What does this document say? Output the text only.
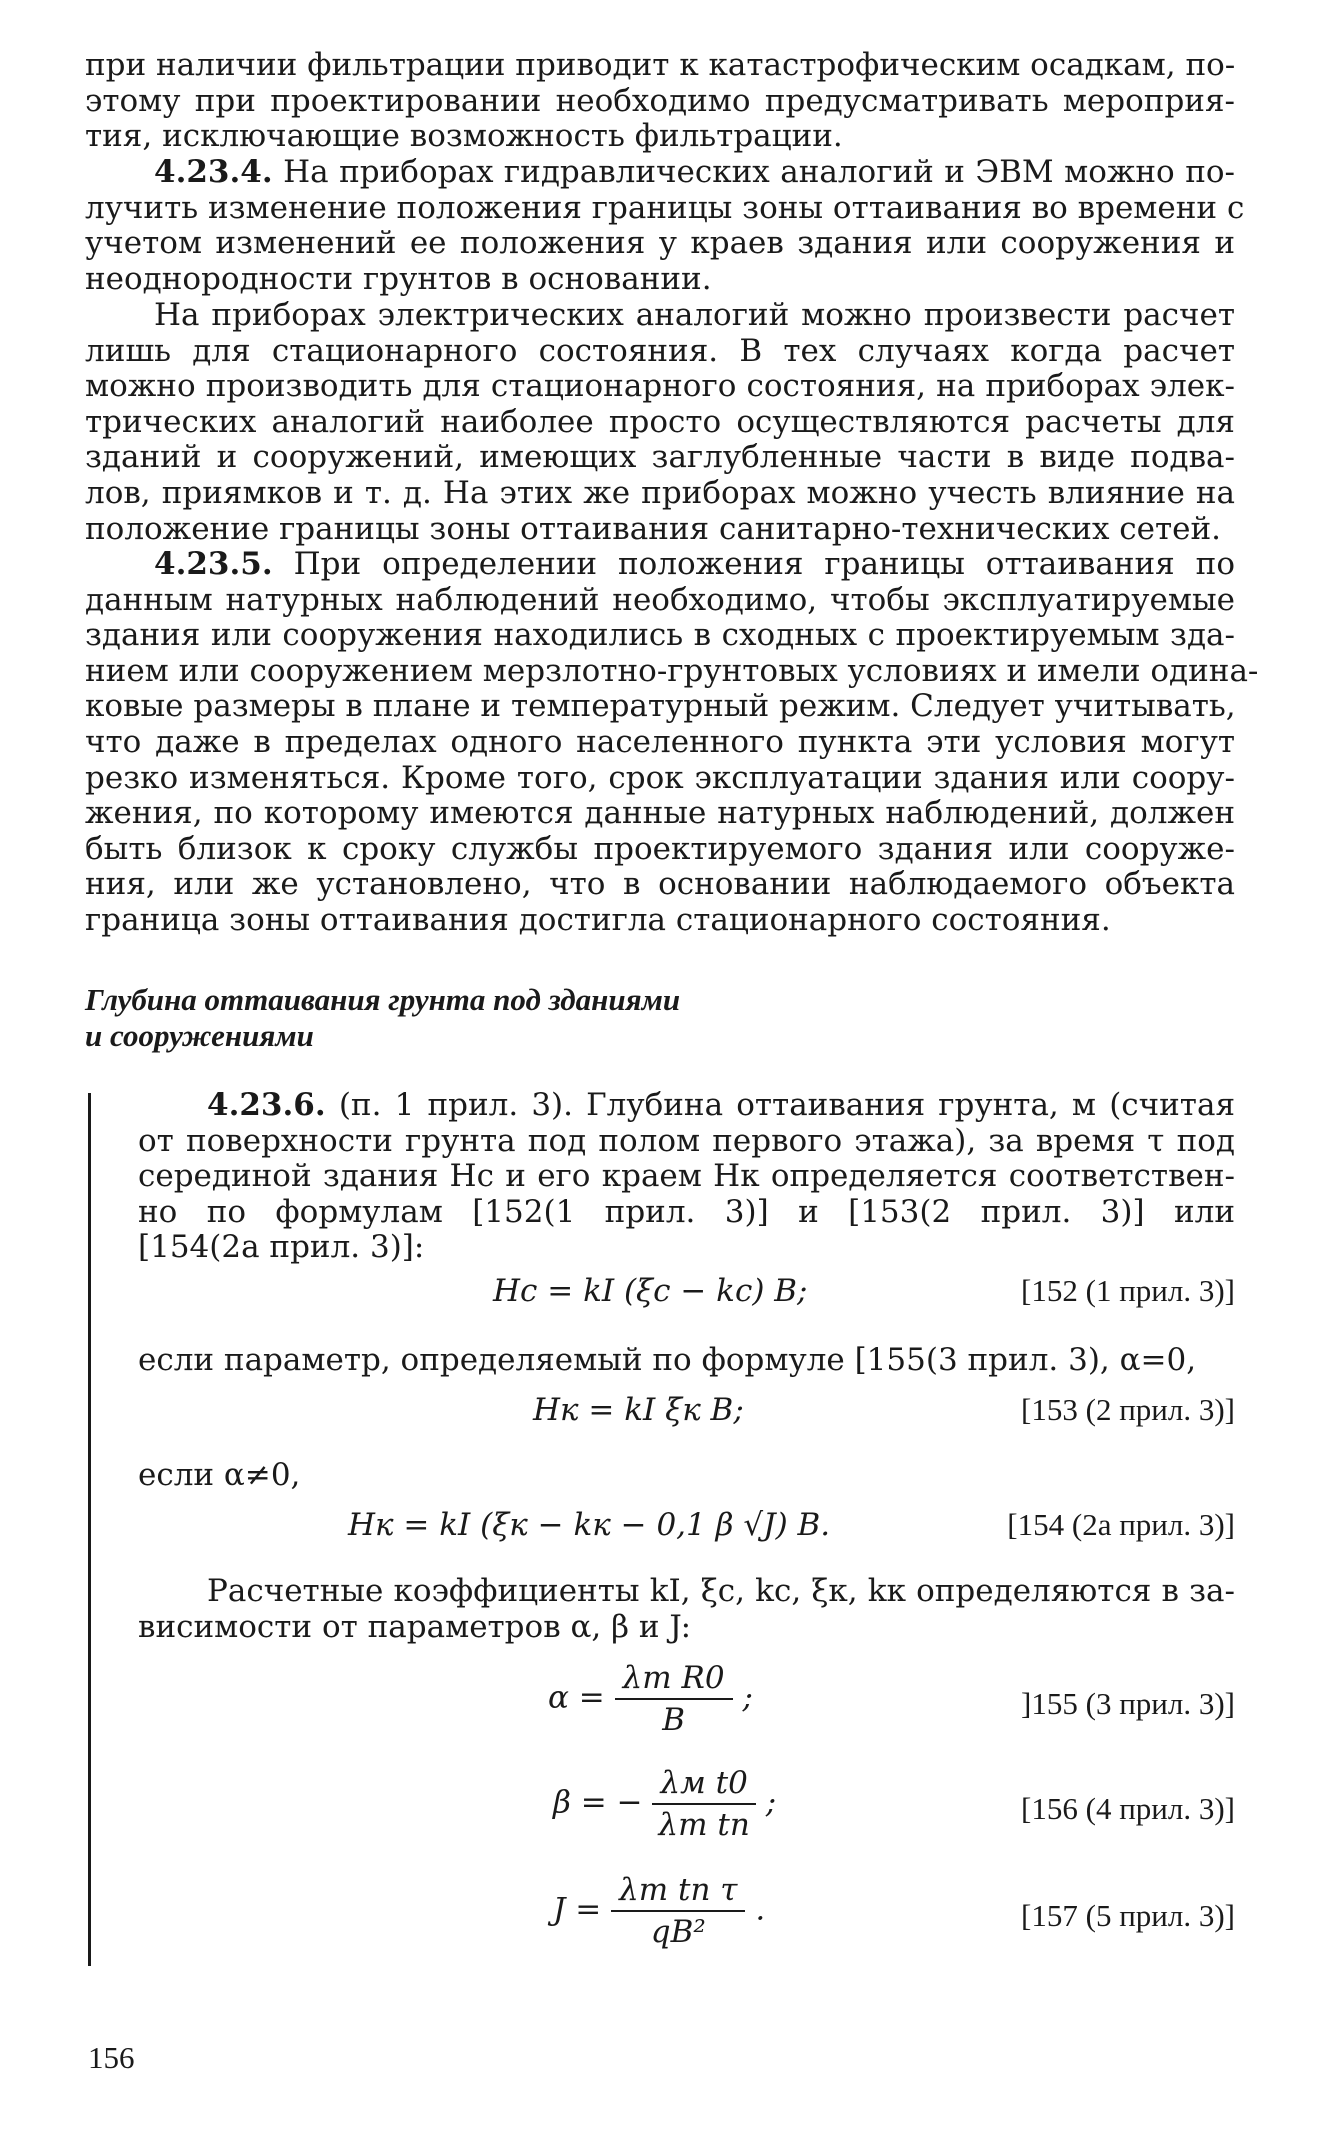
при наличии фильтрации приводит к катастрофическим осадкам, по-
этому при проектировании необходимо предусматривать мероприя-
тия, исключающие возможность фильтрации.

4.23.4. На приборах гидравлических аналогий и ЭВМ можно по-
лучить изменение положения границы зоны оттаивания во времени с
учетом изменений ее положения у краев здания или сооружения и
неоднородности грунтов в основании.

На приборах электрических аналогий можно произвести расчет
лишь для стационарного состояния. В тех случаях когда расчет
можно производить для стационарного состояния, на приборах элек-
трических аналогий наиболее просто осуществляются расчеты для
зданий и сооружений, имеющих заглубленные части в виде подва-
лов, приямков и т. д. На этих же приборах можно учесть влияние на
положение границы зоны оттаивания санитарно-технических сетей.

4.23.5. При определении положения границы оттаивания по
данным натурных наблюдений необходимо, чтобы эксплуатируемые
здания или сооружения находились в сходных с проектируемым зда-
нием или сооружением мерзлотно-грунтовых условиях и имели одина-
ковые размеры в плане и температурный режим. Следует учитывать,
что даже в пределах одного населенного пункта эти условия могут
резко изменяться. Кроме того, срок эксплуатации здания или соору-
жения, по которому имеются данные натурных наблюдений, должен
быть близок к сроку службы проектируемого здания или сооруже-
ния, или же установлено, что в основании наблюдаемого объекта
граница зоны оттаивания достигла стационарного состояния.

Глубина оттаивания грунта под зданиями
и сооружениями

4.23.6. (п. 1 прил. 3). Глубина оттаивания грунта, м (считая
от поверхности грунта под полом первого этажа), за время τ под
серединой здания Hс и его краем Hк определяется соответствен-
но по формулам [152(1 прил. 3)] и [153(2 прил. 3)] или
[154(2а прил. 3)]:

Hс = kI (ξс − kс) B;	[152 (1 прил. 3)]

если параметр, определяемый по формуле [155(3 прил. 3), α=0,

Hк = kI ξк B;	[153 (2 прил. 3)]

если α≠0,

Hк = kI (ξк − kк − 0,1 β √J) B.	[154 (2а прил. 3)]

Расчетные коэффициенты kI, ξс, kс, ξк, kк определяются в за-
висимости от параметров α, β и J:

$\alpha = \frac{\text{λт R0}}{B}$ ;	]155 (3 прил. 3)]
β = − $\frac{\text{λм t0}}{\text{λт tп}}$ ;	[156 (4 прил. 3)]
$J = \frac{\text{λт tп τ}}{\text{qB²}}$ .	[157 (5 прил. 3)]
156
